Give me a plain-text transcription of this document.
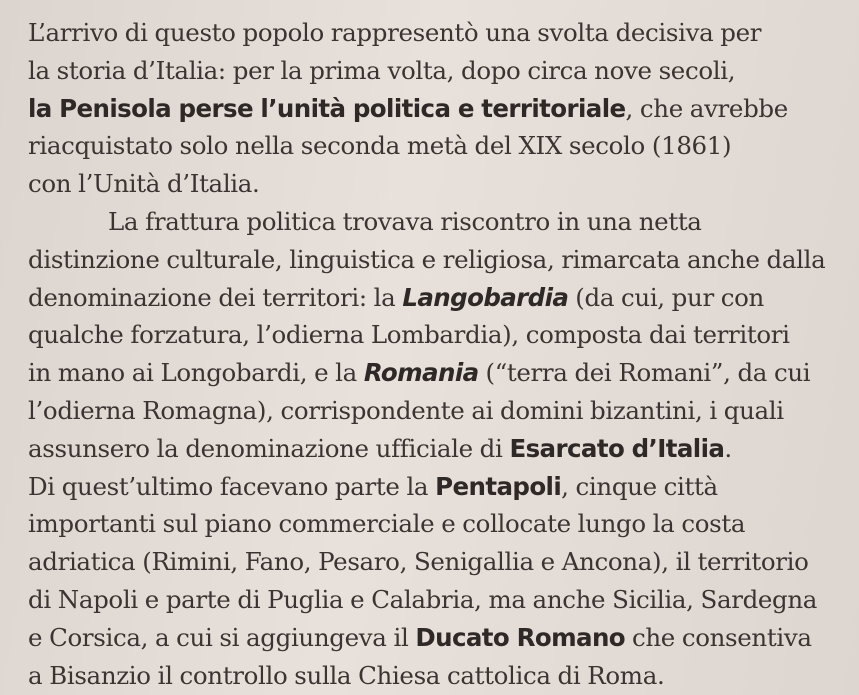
L’arrivo di questo popolo rappresentò una svolta decisiva per
la storia d’Italia: per la prima volta, dopo circa nove secoli,
la Penisola perse l’unità politica e territoriale, che avrebbe
riacquistato solo nella seconda metà del XIX secolo (1861)
con l’Unità d’Italia.

La frattura politica trovava riscontro in una netta
distinzione culturale, linguistica e religiosa, rimarcata anche dalla
denominazione dei territori: la Langobardia (da cui, pur con
qualche forzatura, l’odierna Lombardia), composta dai territori
in mano ai Longobardi, e la Romania (“terra dei Romani”, da cui
l’odierna Romagna), corrispondente ai domini bizantini, i quali
assunsero la denominazione ufficiale di Esarcato d’Italia.

Di quest’ultimo facevano parte la Pentapoli, cinque città
importanti sul piano commerciale e collocate lungo la costa
adriatica (Rimini, Fano, Pesaro, Senigallia e Ancona), il territorio
di Napoli e parte di Puglia e Calabria, ma anche Sicilia, Sardegna
e Corsica, a cui si aggiungeva il Ducato Romano che consentiva
a Bisanzio il controllo sulla Chiesa cattolica di Roma.
